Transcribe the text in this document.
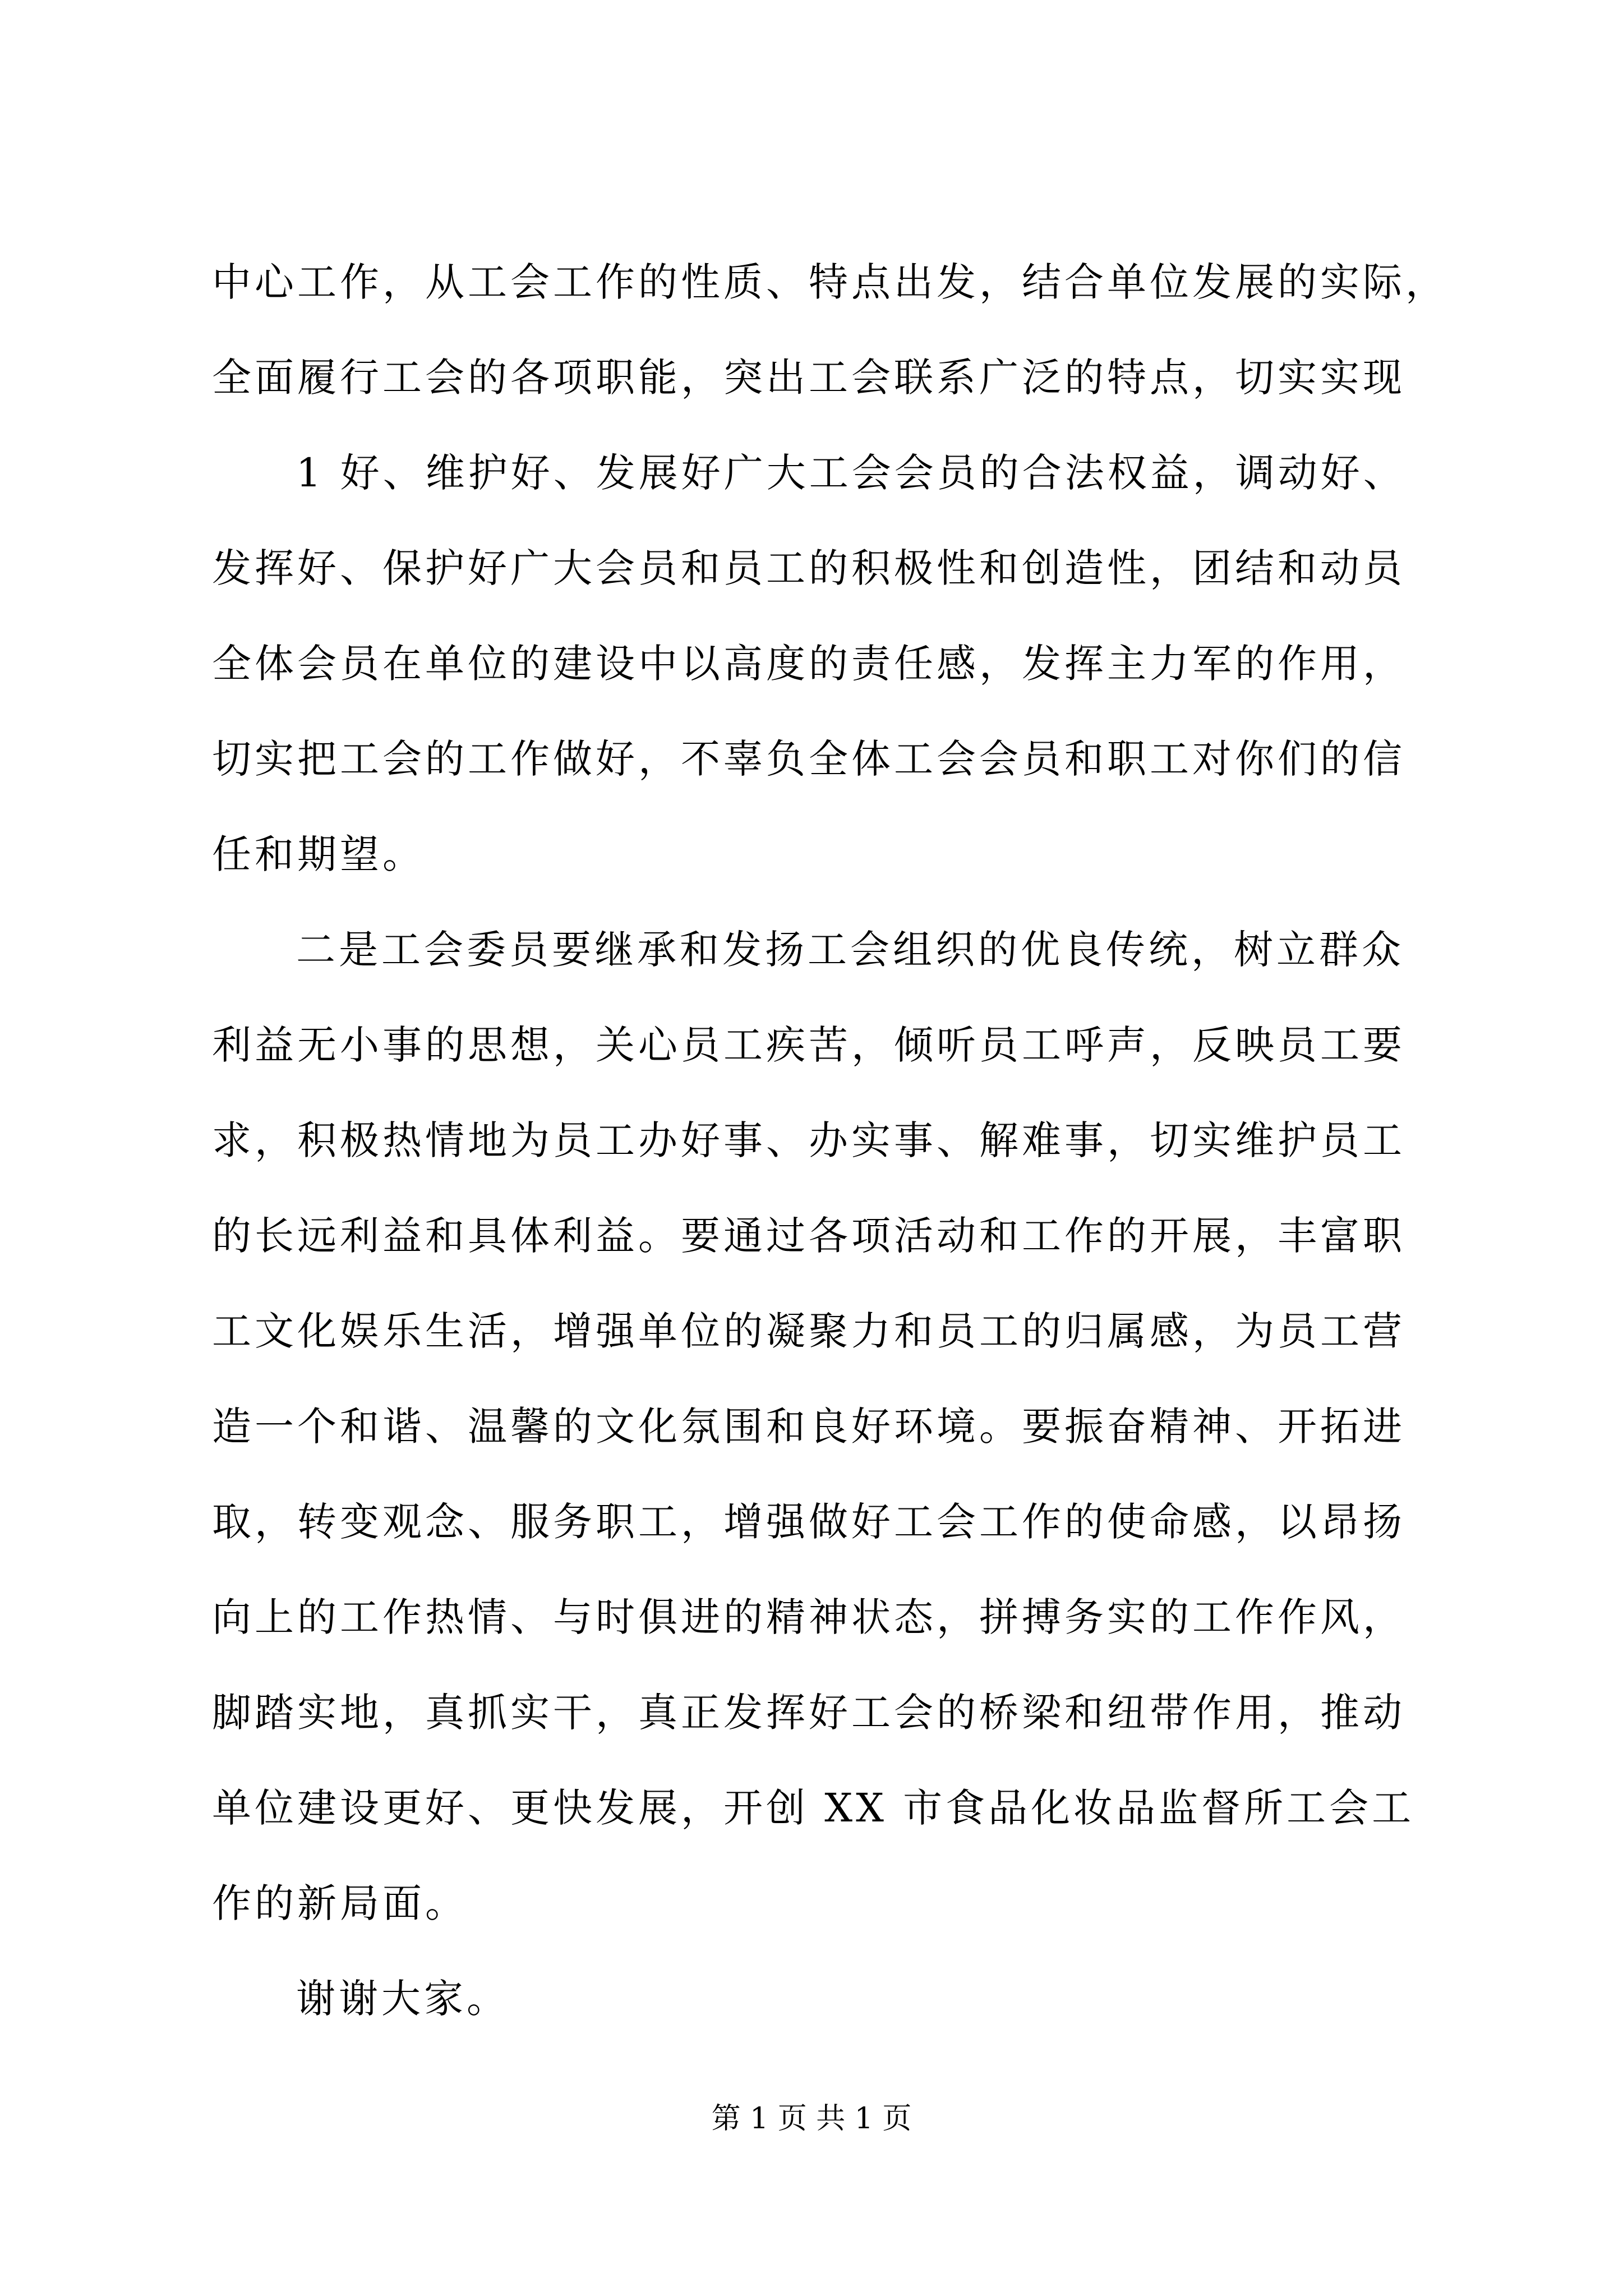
中心工作，从工会工作的性质、特点出发，结合单位发展的实际，
全面履行工会的各项职能，突出工会联系广泛的特点，切实实现
1 好、维护好、发展好广大工会会员的合法权益，调动好、
发挥好、保护好广大会员和员工的积极性和创造性，团结和动员
全体会员在单位的建设中以高度的责任感，发挥主力军的作用，
切实把工会的工作做好，不辜负全体工会会员和职工对你们的信
任和期望。
二是工会委员要继承和发扬工会组织的优良传统，树立群众
利益无小事的思想，关心员工疾苦，倾听员工呼声，反映员工要
求，积极热情地为员工办好事、办实事、解难事，切实维护员工
的长远利益和具体利益。要通过各项活动和工作的开展，丰富职
工文化娱乐生活，增强单位的凝聚力和员工的归属感，为员工营
造一个和谐、温馨的文化氛围和良好环境。要振奋精神、开拓进
取，转变观念、服务职工，增强做好工会工作的使命感，以昂扬
向上的工作热情、与时俱进的精神状态，拼搏务实的工作作风，
脚踏实地，真抓实干，真正发挥好工会的桥梁和纽带作用，推动
单位建设更好、更快发展，开创 XX 市食品化妆品监督所工会工
作的新局面。
谢谢大家。
第 1 页 共 1 页
